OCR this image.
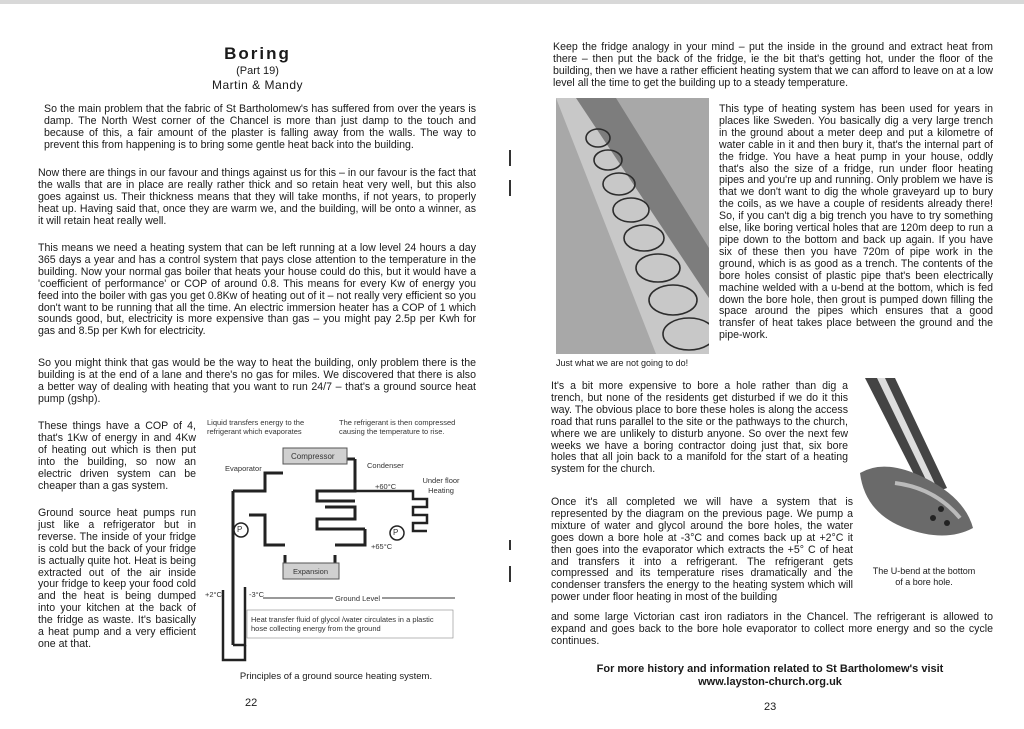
Boring
(Part 19)
Martin & Mandy

So the main problem that the fabric of St Bartholomew's has suffered from over the years is damp. The North West corner of the Chancel is more than just damp to the touch and because of this, a fair amount of the plaster is falling away from the walls. The way to prevent this from happening is to bring some gentle heat back into the building.

Now there are things in our favour and things against us for this – in our favour is the fact that the walls that are in place are really rather thick and so retain heat very well, but this also goes against us. Their thickness means that they will take months, if not years, to properly heat up. Having said that, once they are warm we, and the building, will be onto a winner, as it will retain heat really well.

This means we need a heating system that can be left running at a low level 24 hours a day 365 days a year and has a control system that pays close attention to the temperature in the building. Now your normal gas boiler that heats your house could do this, but it would have a 'coefficient of performance' or COP of around 0.8. This means for every Kw of energy you feed into the boiler with gas you get 0.8Kw of heating out of it – not really very efficient so you don't want to be running that all the time. An electric immersion heater has a COP of 1 which sounds good, but, electricity is more expensive than gas – you might pay 2.5p per Kwh for gas and 8.5p per Kwh for electricity.

So you might think that gas would be the way to heat the building, only problem there is the building is at the end of a lane and there's no gas for miles. We discovered that there is also a better way of dealing with heating that you want to run 24/7 – that's a ground source heat pump (gshp).

These things have a COP of 4, that's 1Kw of energy in and 4Kw of heating out which is then put into the building, so now an electric driven system can be cheaper than a gas system.

Ground source heat pumps run just like a refrigerator but in reverse. The inside of your fridge is cold but the back of your fridge is actually quite hot. Heat is being extracted out of the air inside your fridge to keep your food cold and the heat is being dumped into your kitchen at the back of the fridge as waste. It's basically a heat pump and a very efficient one at that.

Liquid transfers energy to the refrigerant which evaporates
The refrigerant is then compressed causing the temperature to rise.
Compressor
Evaporator	Condenser
Under floor Heating
+60°C
+65°C
Expansion
+2°C	-3°C	Ground Level
P	P
Heat transfer fluid of glycol /water circulates in a plastic hose collecting energy from the ground
Principles of a ground source heating system.
22

Keep the fridge analogy in your mind – put the inside in the ground and extract heat from there – then put the back of the fridge, ie the bit that's getting hot, under the floor of the building, then we have a rather efficient heating system that we can afford to leave on at a low level all the time to get the building up to a steady temperature.

Just what we are not going to do!

This type of heating system has been used for years in places like Sweden. You basically dig a very large trench in the ground about a meter deep and put a kilometre of water cable in it and then bury it, that's the internal part of the fridge. You have a heat pump in your house, oddly that's also the size of a fridge, run under floor heating pipes and you're up and running. Only problem we have is that we don't want to dig the whole graveyard up to bury the coils, as we have a couple of residents already there! So, if you can't dig a big trench you have to try something else, like boring vertical holes that are 120m deep to run a pipe down to the bottom and back up again. If you have six of these then you have 720m of pipe work in the ground, which is as good as a trench. The contents of the bore holes consist of plastic pipe that's been electrically machine welded with a u-bend at the bottom, which is fed down the bore hole, then grout is pumped down filling the space around the pipes which ensures that a good transfer of heat takes place between the ground and the pipe-work.

It's a bit more expensive to bore a hole rather than dig a trench, but none of the residents get disturbed if we do it this way. The obvious place to bore these holes is along the access road that runs parallel to the site or the pathways to the church, where we are unlikely to disturb anyone. So over the next few weeks we have a boring contractor doing just that, six bore holes that all join back to a manifold for the start of a heating system for the church.

Once it's all completed we will have a system that is represented by the diagram on the previous page. We pump a mixture of water and glycol around the bore holes, the water goes down a bore hole at -3°C and comes back up at +2°C it then goes into the evaporator which extracts the +5° C of heat and transfers it into a refrigerant. The refrigerant gets compressed and its temperature rises dramatically and the condenser transfers the energy to the heating system which will power under floor heating in most of the building

and some large Victorian cast iron radiators in the Chancel. The refrigerant is allowed to expand and goes back to the bore hole evaporator to collect more energy and so the cycle continues.

The U-bend at the bottom of a bore hole.
For more history and information related to St Bartholomew's visit
www.layston-church.org.uk
23
